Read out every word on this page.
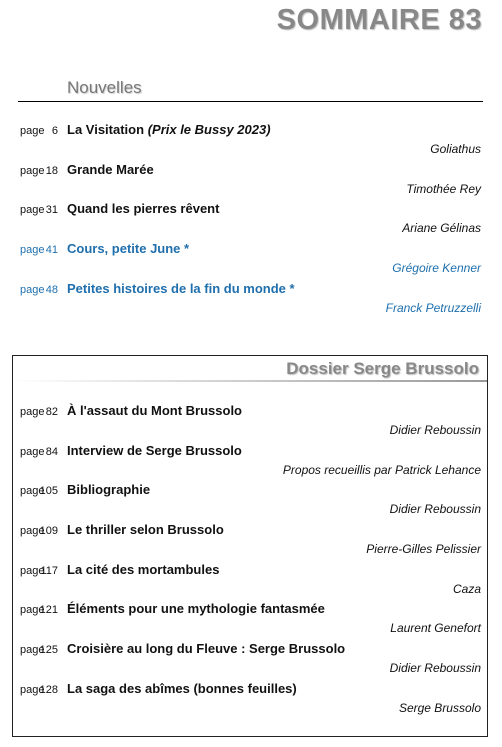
SOMMAIRE 83
Nouvelles
page 6 La Visitation (Prix le Bussy 2023)
Goliathus
page 18 Grande Marée
Timothée Rey
page 31 Quand les pierres rêvent
Ariane Gélinas
page 41 Cours, petite June *
Grégoire Kenner
page 48 Petites histoires de la fin du monde *
Franck Petruzzelli
Dossier Serge Brussolo
page 82 À l'assaut du Mont Brussolo
Didier Reboussin
page 84 Interview de Serge Brussolo
Propos recueillis par Patrick Lehance
page
105 Bibliographie
Didier Reboussin
page
109 Le thriller selon Brussolo
Pierre-Gilles Pelissier
page
117 La cité des mortambules
Caza
page
121 Éléments pour une mythologie fantasmée
Laurent Genefort
page
125 Croisière au long du Fleuve : Serge Brussolo
Didier Reboussin
page
128 La saga des abîmes (bonnes feuilles)
Serge Brussolo
